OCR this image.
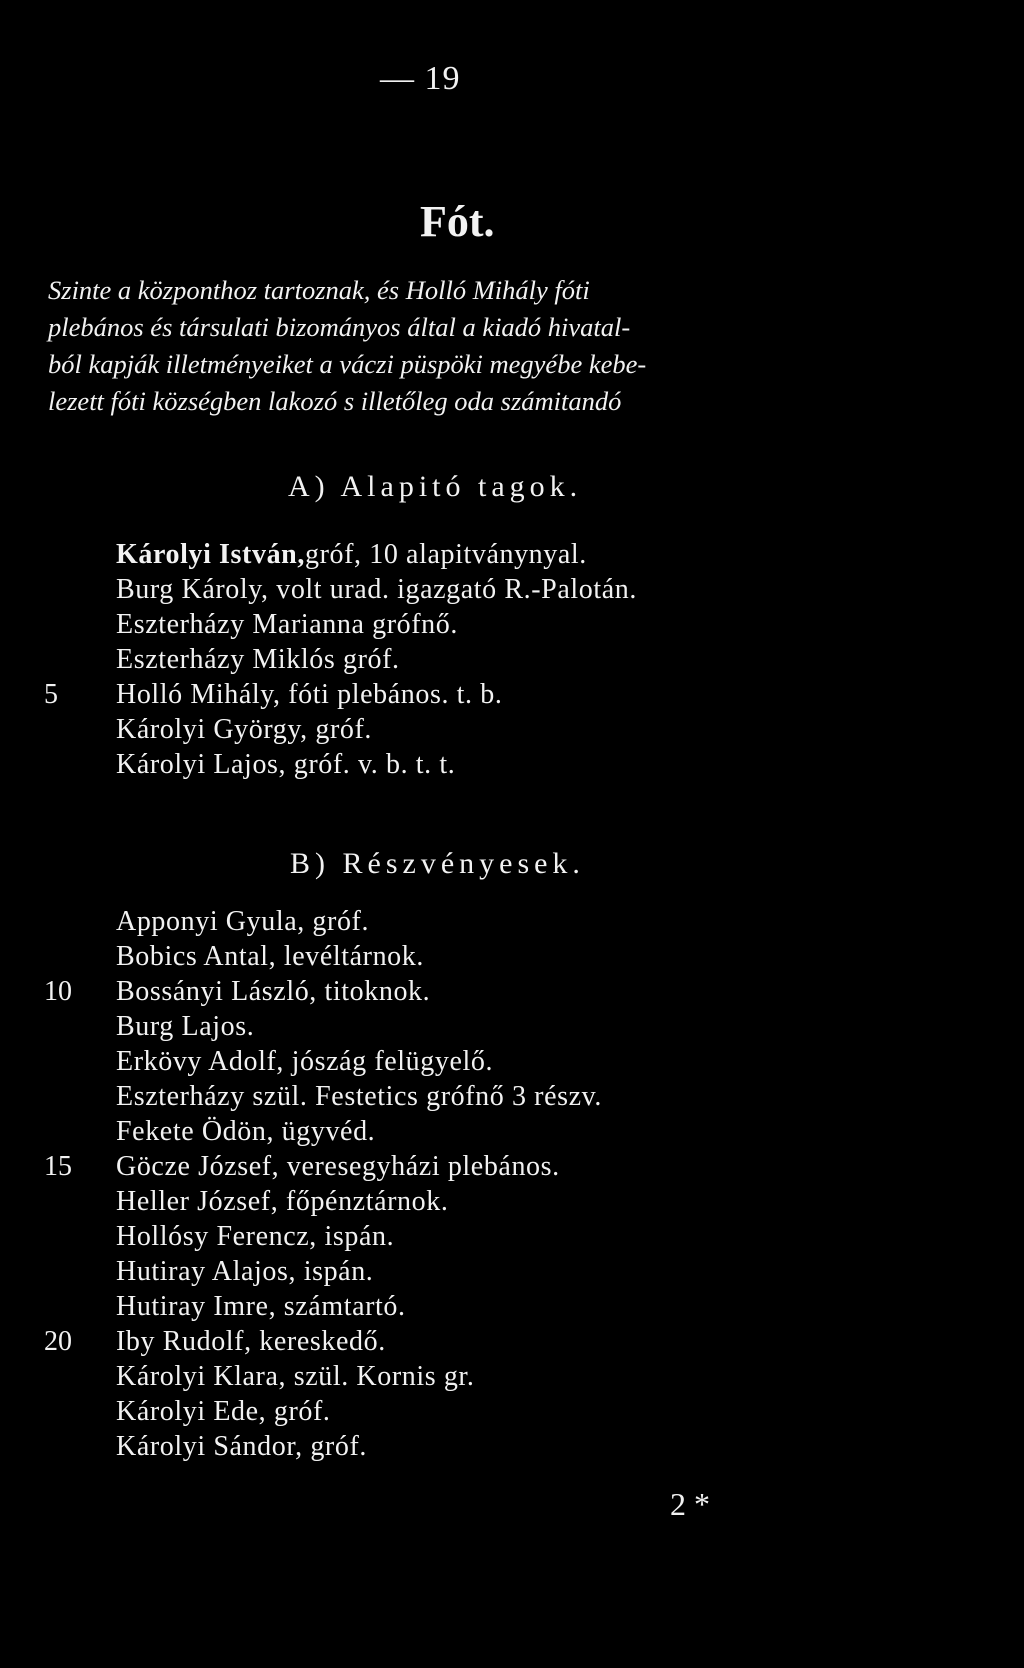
— 19
Fót.
Szinte a központhoz tartoznak, és Holló Mihály fóti
plebános és társulati bizományos által a kiadó hivatal-
ból kapják illetményeiket a váczi püspöki megyébe kebe-
lezett fóti községben lakozó s illetőleg oda számitandó
A) Alapitó tagok.
Károlyi István, gróf, 10 alapitványnyal.
Burg Károly, volt urad. igazgató R.-Palotán.
Eszterházy Marianna grófnő.
Eszterházy Miklós gróf.
5	Holló Mihály, fóti plebános. t. b.
Károlyi György, gróf.
Károlyi Lajos, gróf. v. b. t. t.
B) Részvényesek.
Apponyi Gyula, gróf.
Bobics Antal, levéltárnok.
10	Bossányi László, titoknok.
Burg Lajos.
Erkövy Adolf, jószág felügyelő.
Eszterházy szül. Festetics grófnő 3 részv.
Fekete Ödön, ügyvéd.
15	Göcze József, veresegyházi plebános.
Heller József, főpénztárnok.
Hollósy Ferencz, ispán.
Hutiray Alajos, ispán.
Hutiray Imre, számtartó.
20	Iby Rudolf, kereskedő.
Károlyi Klara, szül. Kornis gr.
Károlyi Ede, gróf.
Károlyi Sándor, gróf.
2 *
